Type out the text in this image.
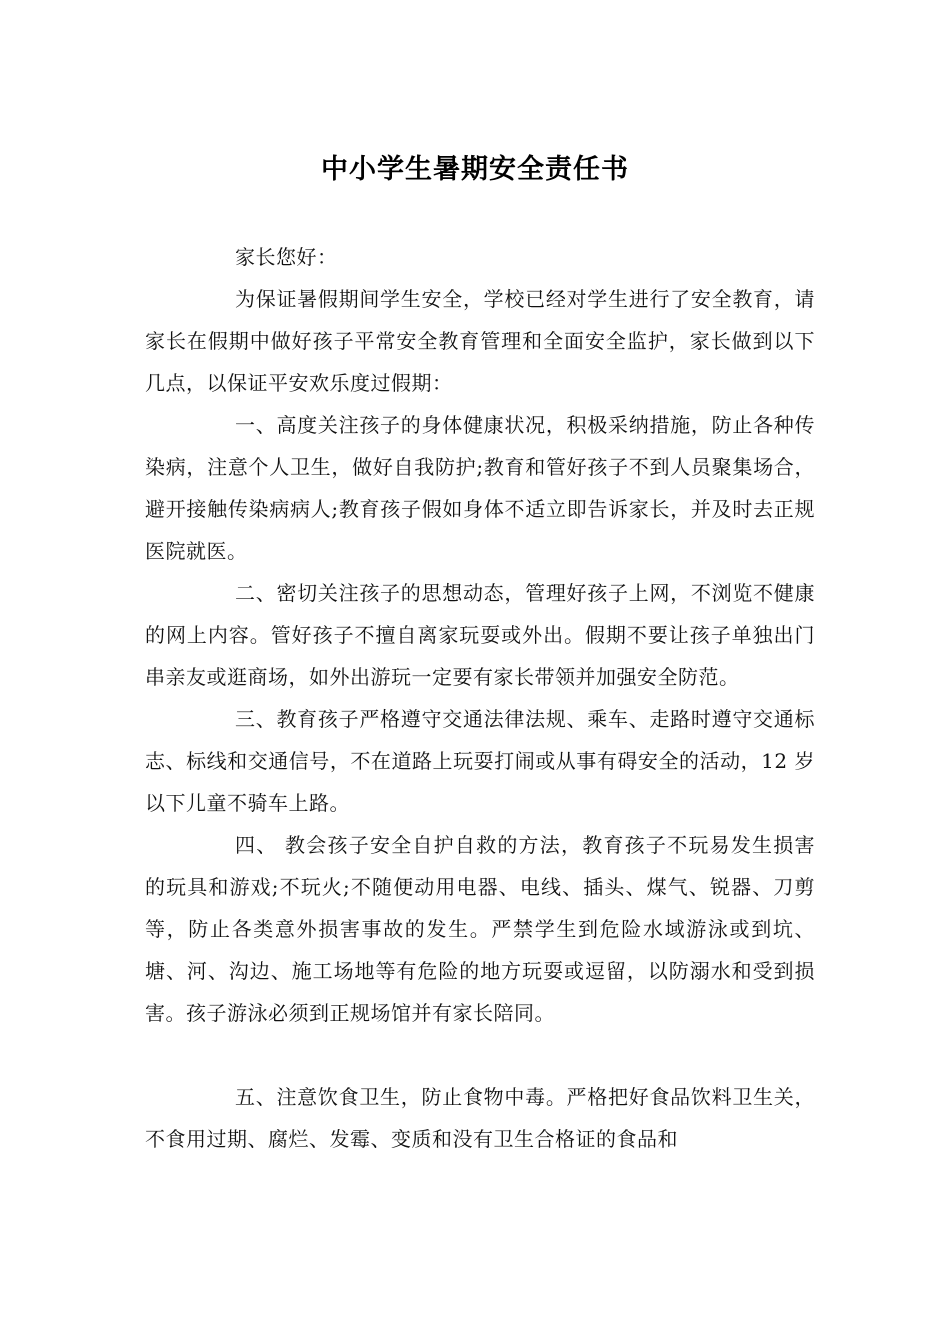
中小学生暑期安全责任书

家长您好：

为保证暑假期间学生安全，学校已经对学生进行了安全教育，请家长在假期中做好孩子平常安全教育管理和全面安全监护，家长做到以下几点，以保证平安欢乐度过假期：

一、高度关注孩子的身体健康状况，积极采纳措施，防止各种传染病，注意个人卫生，做好自我防护;教育和管好孩子不到人员聚集场合，避开接触传染病病人;教育孩子假如身体不适立即告诉家长，并及时去正规医院就医。

二、密切关注孩子的思想动态，管理好孩子上网，不浏览不健康的网上内容。管好孩子不擅自离家玩耍或外出。假期不要让孩子单独出门串亲友或逛商场，如外出游玩一定要有家长带领并加强安全防范。

三、教育孩子严格遵守交通法律法规、乘车、走路时遵守交通标志、标线和交通信号，不在道路上玩耍打闹或从事有碍安全的活动，12 岁以下儿童不骑车上路。

四、 教会孩子安全自护自救的方法，教育孩子不玩易发生损害的玩具和游戏;不玩火;不随便动用电器、电线、插头、煤气、锐器、刀剪等，防止各类意外损害事故的发生。严禁学生到危险水域游泳或到坑、塘、河、沟边、施工场地等有危险的地方玩耍或逗留，以防溺水和受到损害。孩子游泳必须到正规场馆并有家长陪同。

五、注意饮食卫生，防止食物中毒。严格把好食品饮料卫生关，不食用过期、腐烂、发霉、变质和没有卫生合格证的食品和
